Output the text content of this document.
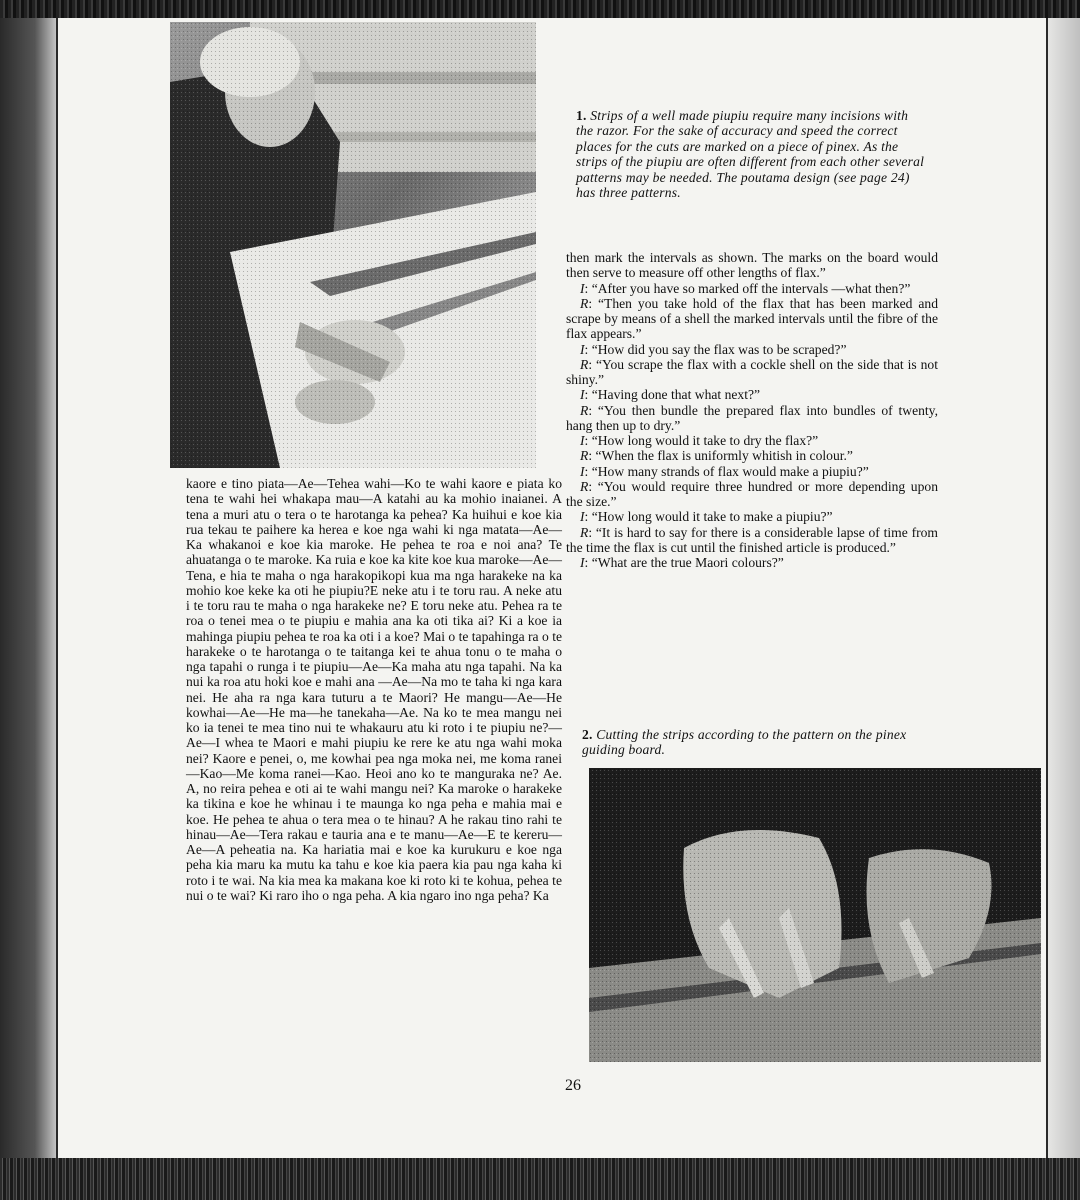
1. Strips of a well made piupiu require many incisions with the razor. For the sake of accuracy and speed the correct places for the cuts are marked on a piece of pinex. As the strips of the piupiu are often different from each other several patterns may be needed. The poutama design (see page 24) has three patterns.

then mark the intervals as shown. The marks on the board would then serve to measure off other lengths of flax.”

I: “After you have so marked off the intervals —what then?”

R: “Then you take hold of the flax that has been marked and scrape by means of a shell the marked intervals until the fibre of the flax appears.”

I: “How did you say the flax was to be scraped?”

R: “You scrape the flax with a cockle shell on the side that is not shiny.”

I: “Having done that what next?”

R: “You then bundle the prepared flax into bundles of twenty, hang then up to dry.”

I: “How long would it take to dry the flax?”

R: “When the flax is uniformly whitish in colour.”

I: “How many strands of flax would make a piupiu?”

R: “You would require three hundred or more depending upon the size.”

I: “How long would it take to make a piupiu?”

R: “It is hard to say for there is a considerable lapse of time from the time the flax is cut until the finished article is produced.”

I: “What are the true Maori colours?”

2. Cutting the strips according to the pattern on the pinex guiding board.
kaore e tino piata—Ae—Tehea wahi—Ko te wahi kaore e piata ko tena te wahi hei whakapa mau—A katahi au ka mohio inaianei. A tena a muri atu o tera o te harotanga ka pehea? Ka huihui e koe kia rua tekau te paihere ka herea e koe nga wahi ki nga matata—Ae—Ka whakanoi e koe kia maroke. He pehea te roa e noi ana? Te ahuatanga o te maroke. Ka ruia e koe ka kite koe kua maroke—Ae—Tena, e hia te maha o nga harakopikopi kua ma nga harakeke na ka mohio koe keke ka oti he piupiu?E neke atu i te toru rau. A neke atu i te toru rau te maha o nga harakeke ne? E toru neke atu. Pehea ra te roa o tenei mea o te piupiu e mahia ana ka oti tika ai? Ki a koe ia mahinga piupiu pehea te roa ka oti i a koe? Mai o te tapahinga ra o te harakeke o te harotanga o te taitanga kei te ahua tonu o te maha o nga tapahi o runga i te piupiu—Ae—Ka maha atu nga tapahi. Na ka nui ka roa atu hoki koe e mahi ana —Ae—Na mo te taha ki nga kara nei. He aha ra nga kara tuturu a te Maori? He mangu—Ae—He kowhai—Ae—He ma—he tanekaha—Ae. Na ko te mea mangu nei ko ia tenei te mea tino nui te whakauru atu ki roto i te piupiu ne?—Ae—I whea te Maori e mahi piupiu ke rere ke atu nga wahi moka nei? Kaore e penei, o, me kowhai pea nga moka nei, me koma ranei—Kao—Me koma ranei—Kao. Heoi ano ko te manguraka ne? Ae. A, no reira pehea e oti ai te wahi mangu nei? Ka maroke o harakeke ka tikina e koe he whinau i te maunga ko nga peha e mahia mai e koe. He pehea te ahua o tera mea o te hinau? A he rakau tino rahi te hinau—Ae—Tera rakau e tauria ana e te manu—Ae—E te kereru—Ae—A peheatia na. Ka hariatia mai e koe ka kurukuru e koe nga peha kia maru ka mutu ka tahu e koe kia paera kia pau nga kaha ki roto i te wai. Na kia mea ka makana koe ki roto ki te kohua, pehea te nui o te wai? Ki raro iho o nga peha. A kia ngaro ino nga peha? Ka
26
